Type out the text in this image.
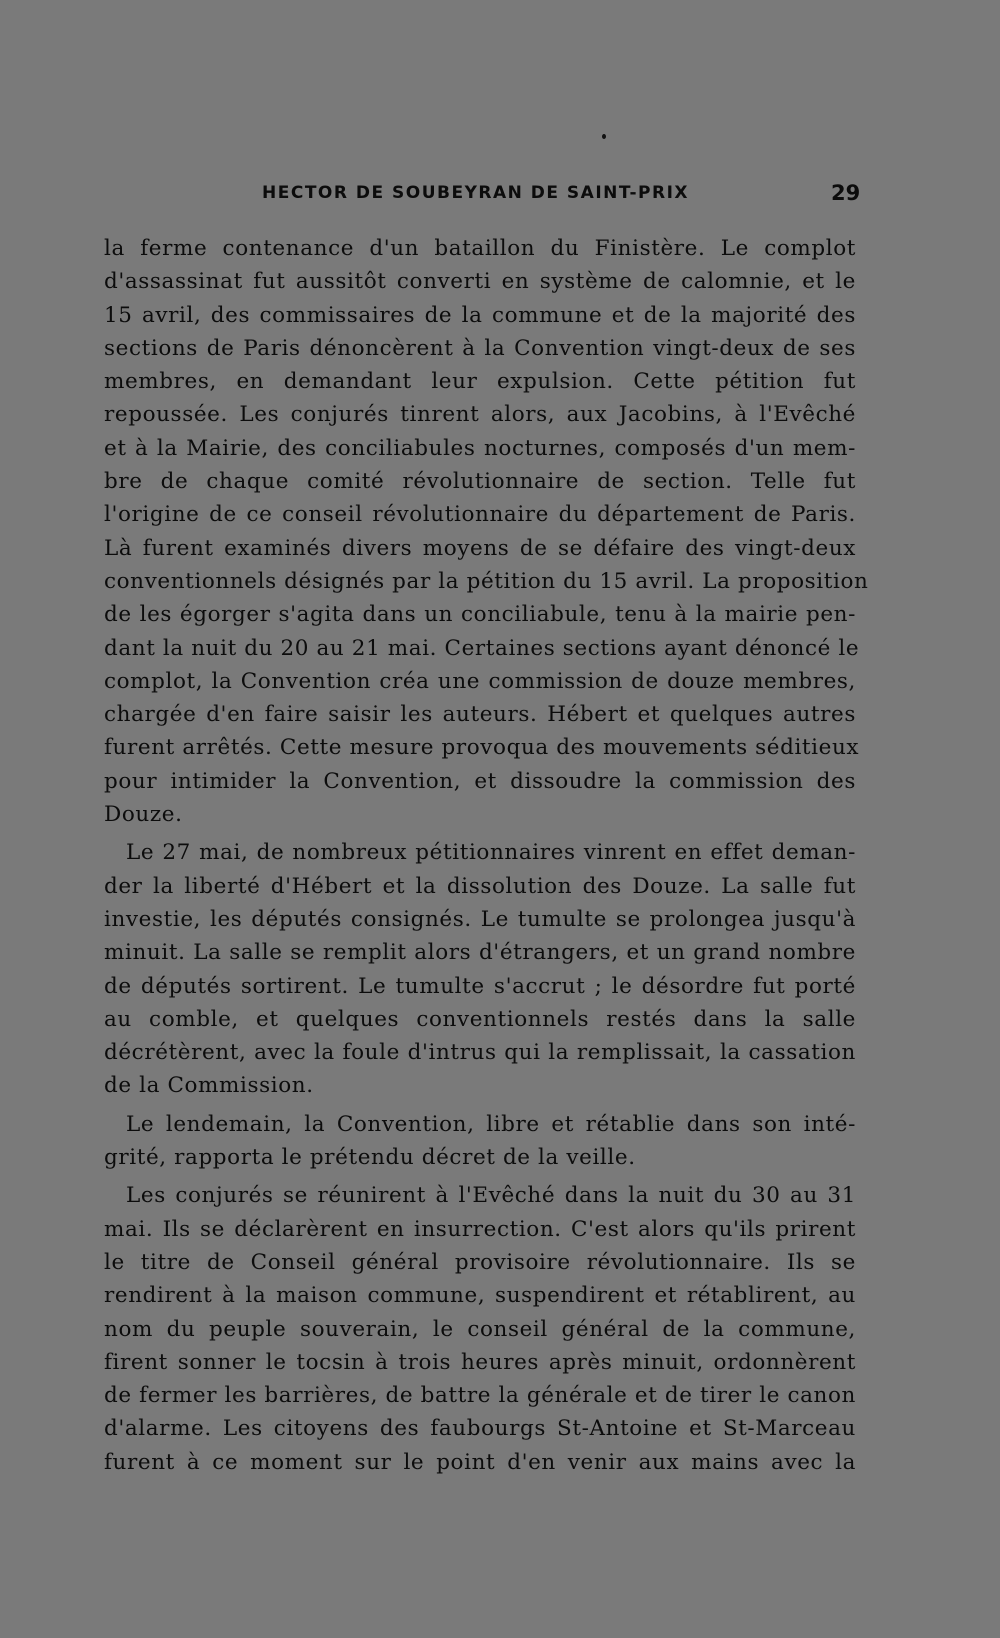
HECTOR DE SOUBEYRAN DE SAINT-PRIX	29
la ferme contenance d'un bataillon du Finistère. Le complot
d'assassinat fut aussitôt converti en système de calomnie, et le
15 avril, des commissaires de la commune et de la majorité des
sections de Paris dénoncèrent à la Convention vingt-deux de ses
membres, en demandant leur expulsion. Cette pétition fut
repoussée. Les conjurés tinrent alors, aux Jacobins, à l'Evêché
et à la Mairie, des conciliabules nocturnes, composés d'un mem-
bre de chaque comité révolutionnaire de section. Telle fut
l'origine de ce conseil révolutionnaire du département de Paris.
Là furent examinés divers moyens de se défaire des vingt-deux
conventionnels désignés par la pétition du 15 avril. La proposition
de les égorger s'agita dans un conciliabule, tenu à la mairie pen-
dant la nuit du 20 au 21 mai. Certaines sections ayant dénoncé le
complot, la Convention créa une commission de douze membres,
chargée d'en faire saisir les auteurs. Hébert et quelques autres
furent arrêtés. Cette mesure provoqua des mouvements séditieux
pour intimider la Convention, et dissoudre la commission des
Douze.
Le 27 mai, de nombreux pétitionnaires vinrent en effet deman-
der la liberté d'Hébert et la dissolution des Douze. La salle fut
investie, les députés consignés. Le tumulte se prolongea jusqu'à
minuit. La salle se remplit alors d'étrangers, et un grand nombre
de députés sortirent. Le tumulte s'accrut ; le désordre fut porté
au comble, et quelques conventionnels restés dans la salle
décrétèrent, avec la foule d'intrus qui la remplissait, la cassation
de la Commission.
Le lendemain, la Convention, libre et rétablie dans son inté-
grité, rapporta le prétendu décret de la veille.
Les conjurés se réunirent à l'Evêché dans la nuit du 30 au 31
mai. Ils se déclarèrent en insurrection. C'est alors qu'ils prirent
le titre de Conseil général provisoire révolutionnaire. Ils se
rendirent à la maison commune, suspendirent et rétablirent, au
nom du peuple souverain, le conseil général de la commune,
firent sonner le tocsin à trois heures après minuit, ordonnèrent
de fermer les barrières, de battre la générale et de tirer le canon
d'alarme. Les citoyens des faubourgs St-Antoine et St-Marceau
furent à ce moment sur le point d'en venir aux mains avec la
